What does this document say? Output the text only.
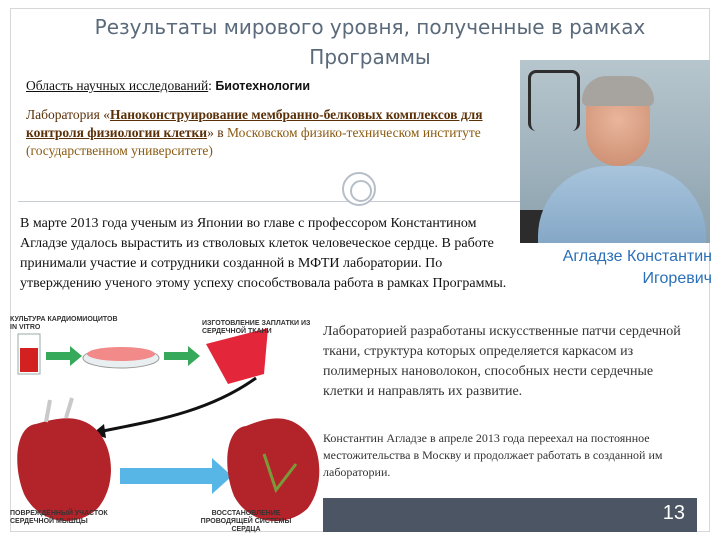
Результаты мирового уровня, полученные в рамках
Программы
Область научных исследований: Биотехнологии
Лаборатория «Наноконструирование мембранно-белковых комплексов для контроля физиологии клетки» в Московском физико-техническом институте (государственном университете)
В марте 2013 года ученым из Японии во главе с профессором Константином Агладзе удалось вырастить из стволовых клеток человеческое сердце. В работе принимали участие и сотрудники созданной в МФТИ лаборатории. По утверждению ученого этому успеху способствовала работа в рамках Программы.
Агладзе Константин
Игоревич
КУЛЬТУРА КАРДИОМИОЦИТОВ IN VITRO
ИЗГОТОВЛЕНИЕ ЗАПЛАТКИ ИЗ СЕРДЕЧНОЙ ТКАНИ
ПОВРЕЖДЁННЫЙ УЧАСТОК СЕРДЕЧНОЙ МЫШЦЫ
ВОССТАНОВЛЕНИЕ ПРОВОДЯЩЕЙ СИСТЕМЫ СЕРДЦА
Лабораторией разработаны искусственные патчи сердечной ткани, структура которых определяется каркасом из полимерных нановолокон, способных нести сердечные клетки и направлять их развитие.
Константин Агладзе в апреле 2013 года переехал на постоянное местожительства в Москву и продолжает работать в созданной им лаборатории.
13
